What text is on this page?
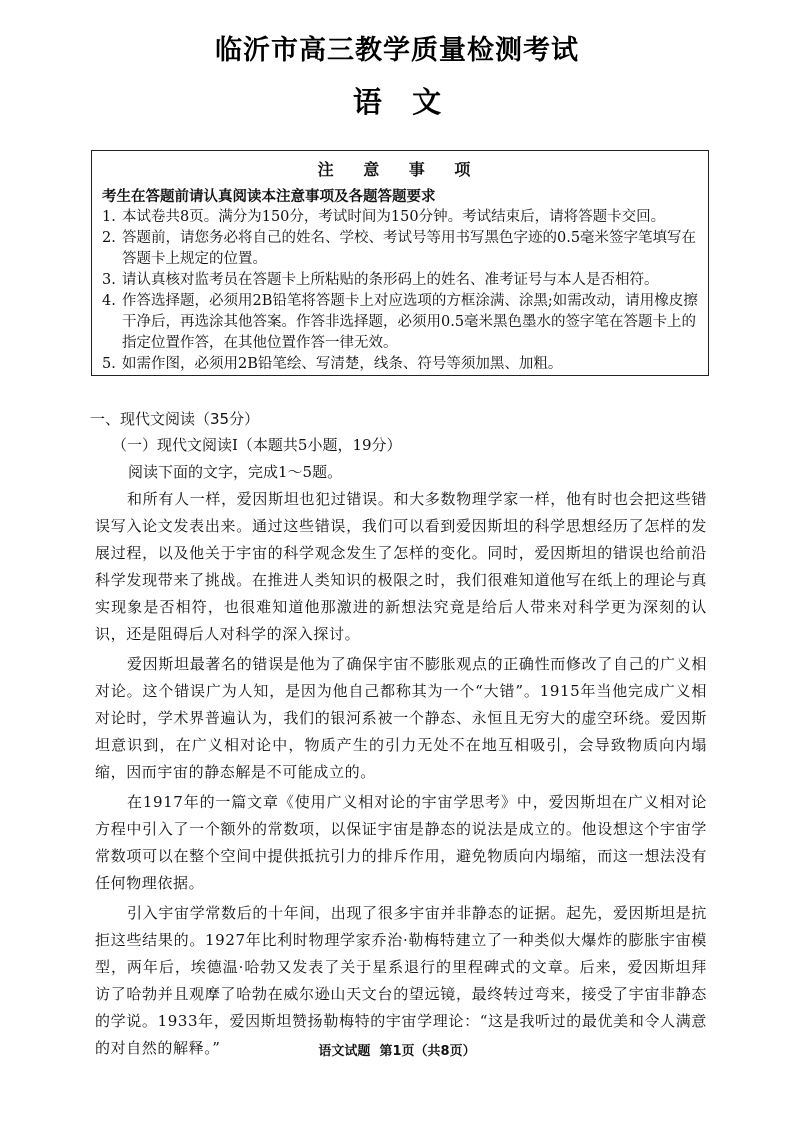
临沂市高三教学质量检测考试
语   文
注 意 事 项
考生在答题前请认真阅读本注意事项及各题答题要求
1. 本试卷共8页。满分为150分，考试时间为150分钟。考试结束后，请将答题卡交回。
2. 答题前，请您务必将自己的姓名、学校、考试号等用书写黑色字迹的0.5毫米签字笔填写在答题卡上规定的位置。
3. 请认真核对监考员在答题卡上所粘贴的条形码上的姓名、准考证号与本人是否相符。
4. 作答选择题，必须用2B铅笔将答题卡上对应选项的方框涂满、涂黑;如需改动，请用橡皮擦干净后，再选涂其他答案。作答非选择题，必须用0.5毫米黑色墨水的签字笔在答题卡上的指定位置作答，在其他位置作答一律无效。
5. 如需作图，必须用2B铅笔绘、写清楚，线条、符号等须加黑、加粗。
一、现代文阅读（35分）
（一）现代文阅读Ⅰ（本题共5小题，19分）
阅读下面的文字，完成1～5题。

和所有人一样，爱因斯坦也犯过错误。和大多数物理学家一样，他有时也会把这些错误写入论文发表出来。通过这些错误，我们可以看到爱因斯坦的科学思想经历了怎样的发展过程，以及他关于宇宙的科学观念发生了怎样的变化。同时，爱因斯坦的错误也给前沿科学发现带来了挑战。在推进人类知识的极限之时，我们很难知道他写在纸上的理论与真实现象是否相符，也很难知道他那激进的新想法究竟是给后人带来对科学更为深刻的认识，还是阻碍后人对科学的深入探讨。

爱因斯坦最著名的错误是他为了确保宇宙不膨胀观点的正确性而修改了自己的广义相对论。这个错误广为人知，是因为他自己都称其为一个“大错”。1915年当他完成广义相对论时，学术界普遍认为，我们的银河系被一个静态、永恒且无穷大的虚空环绕。爱因斯坦意识到，在广义相对论中，物质产生的引力无处不在地互相吸引，会导致物质向内塌缩，因而宇宙的静态解是不可能成立的。

在1917年的一篇文章《使用广义相对论的宇宙学思考》中，爱因斯坦在广义相对论方程中引入了一个额外的常数项，以保证宇宙是静态的说法是成立的。他设想这个宇宙学常数项可以在整个空间中提供抵抗引力的排斥作用，避免物质向内塌缩，而这一想法没有任何物理依据。

引入宇宙学常数后的十年间，出现了很多宇宙并非静态的证据。起先，爱因斯坦是抗拒这些结果的。1927年比利时物理学家乔治·勒梅特建立了一种类似大爆炸的膨胀宇宙模型，两年后，埃德温·哈勃又发表了关于星系退行的里程碑式的文章。后来，爱因斯坦拜访了哈勃并且观摩了哈勃在威尔逊山天文台的望远镜，最终转过弯来，接受了宇宙非静态的学说。1933年，爱因斯坦赞扬勒梅特的宇宙学理论：“这是我听过的最优美和令人满意的对自然的解释。”	语文试题  第1页（共8页）
